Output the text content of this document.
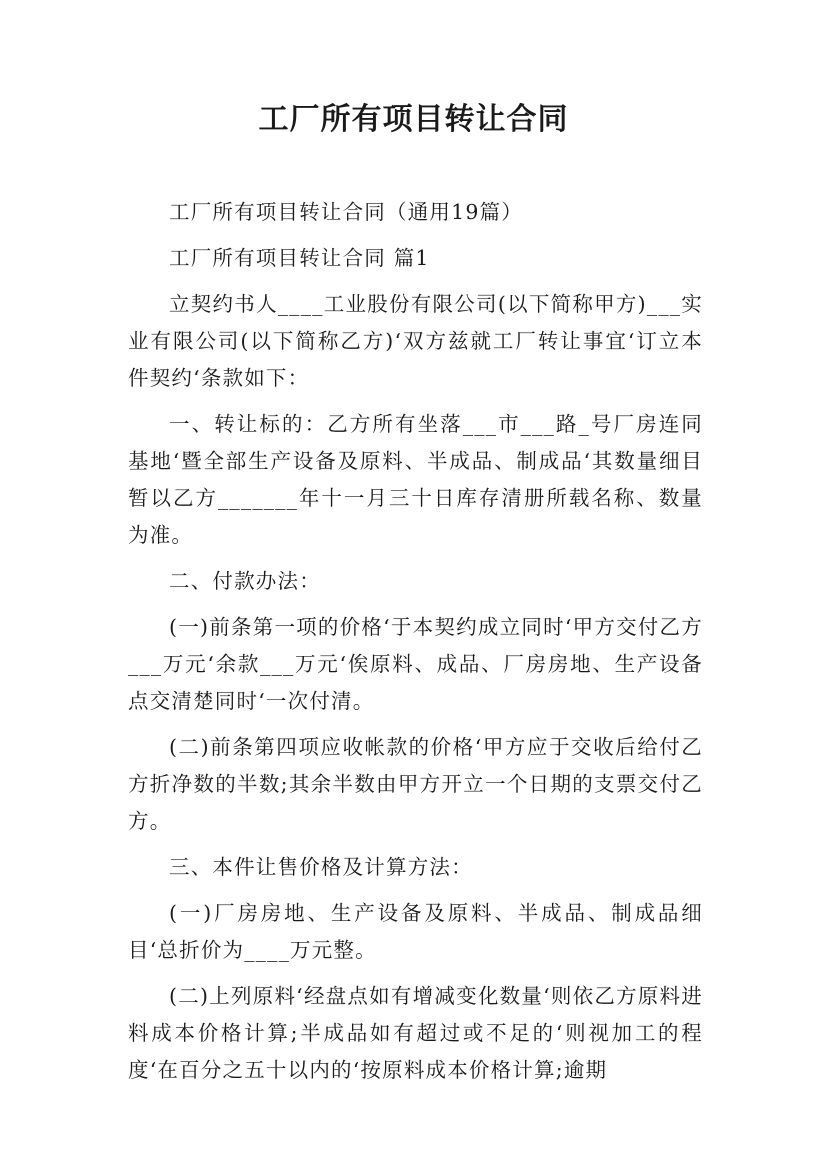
工厂所有项目转让合同

工厂所有项目转让合同（通用19篇）

工厂所有项目转让合同 篇1

立契约书人____工业股份有限公司(以下简称甲方)___实业有限公司(以下简称乙方)‘双方兹就工厂转让事宜‘订立本件契约‘条款如下：

一、转让标的：乙方所有坐落___市___路_号厂房连同基地‘暨全部生产设备及原料、半成品、制成品‘其数量细目暂以乙方_______年十一月三十日库存清册所载名称、数量为准。

二、付款办法：

(一)前条第一项的价格‘于本契约成立同时‘甲方交付乙方___万元‘余款___万元‘俟原料、成品、厂房房地、生产设备点交清楚同时‘一次付清。

(二)前条第四项应收帐款的价格‘甲方应于交收后给付乙方折净数的半数;其余半数由甲方开立一个日期的支票交付乙方。

三、本件让售价格及计算方法：

(一)厂房房地、生产设备及原料、半成品、制成品细目‘总折价为____万元整。

(二)上列原料‘经盘点如有增减变化数量‘则依乙方原料进料成本价格计算;半成品如有超过或不足的‘则视加工的程度‘在百分之五十以内的‘按原料成本价格计算;逾期
